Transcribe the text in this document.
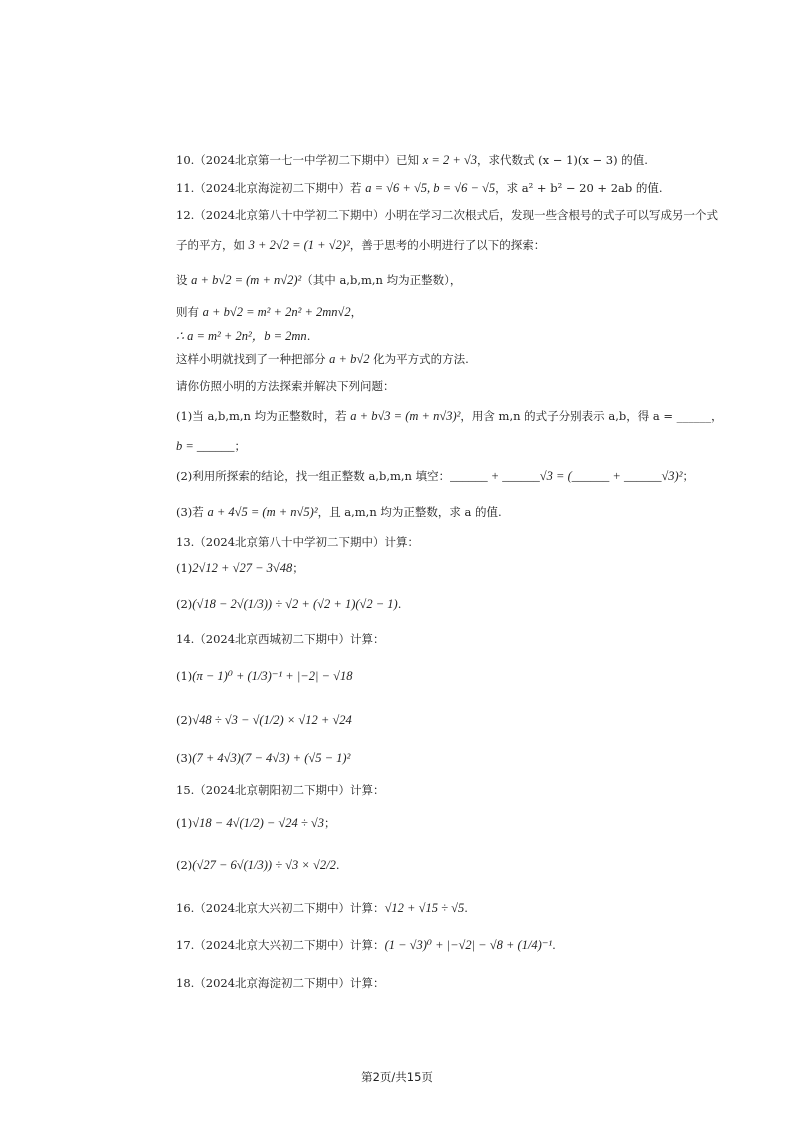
10.（2024北京第一七一中学初二下期中）已知 x = 2 + √3，求代数式 (x − 1)(x − 3) 的值.
11.（2024北京海淀初二下期中）若 a = √6 + √5, b = √6 − √5，求 a² + b² − 20 + 2ab 的值.
12.（2024北京第八十中学初二下期中）小明在学习二次根式后，发现一些含根号的式子可以写成另一个式
子的平方，如 3 + 2√2 = (1 + √2)²，善于思考的小明进行了以下的探索：
设 a + b√2 = (m + n√2)²（其中 a,b,m,n 均为正整数），
则有 a + b√2 = m² + 2n² + 2mn√2，
∴ a = m² + 2n²，b = 2mn.
这样小明就找到了一种把部分 a + b√2 化为平方式的方法.
请你仿照小明的方法探索并解决下列问题：
(1)当 a,b,m,n 均为正整数时，若 a + b√3 = (m + n√3)²，用含 m,n 的式子分别表示 a,b，得 a = ______，
b = ______；
(2)利用所探索的结论，找一组正整数 a,b,m,n 填空：______ + ______√3 = (______ + ______√3)²；
(3)若 a + 4√5 = (m + n√5)²，且 a,m,n 均为正整数，求 a 的值.
13.（2024北京第八十中学初二下期中）计算：
(1)2√12 + √27 − 3√48；
(2)(√18 − 2√(1/3)) ÷ √2 + (√2 + 1)(√2 − 1).
14.（2024北京西城初二下期中）计算：
(1)(π − 1)⁰ + (1/3)⁻¹ + |−2| − √18
(2)√48 ÷ √3 − √(1/2) × √12 + √24
(3)(7 + 4√3)(7 − 4√3) + (√5 − 1)²
15.（2024北京朝阳初二下期中）计算：
(1)√18 − 4√(1/2) − √24 ÷ √3；
(2)(√27 − 6√(1/3)) ÷ √3 × √2/2.
16.（2024北京大兴初二下期中）计算：√12 + √15 ÷ √5.
17.（2024北京大兴初二下期中）计算：(1 − √3)⁰ + |−√2| − √8 + (1/4)⁻¹.
18.（2024北京海淀初二下期中）计算：
第2页/共15页
